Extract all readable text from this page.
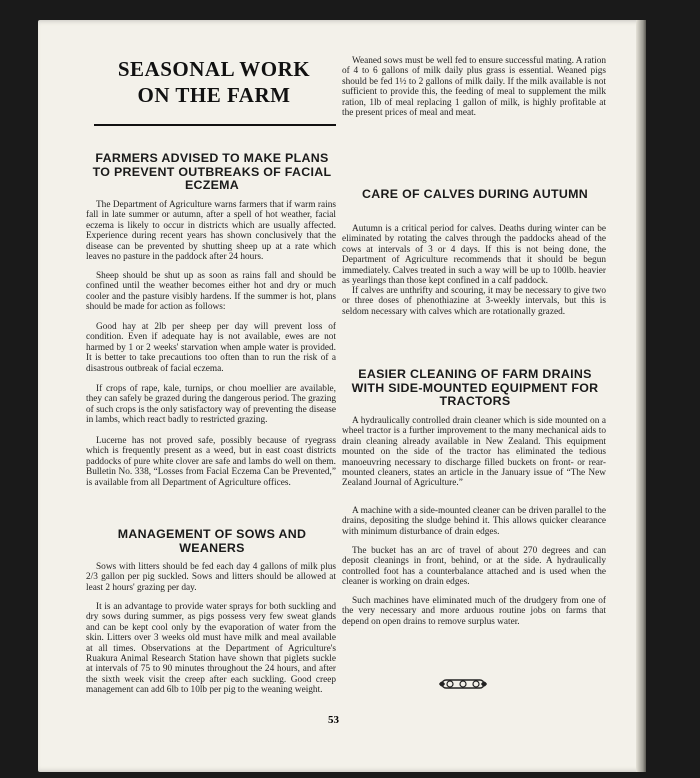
SEASONAL WORK
ON THE FARM
FARMERS ADVISED TO MAKE PLANS TO PREVENT OUTBREAKS OF FACIAL ECZEMA

The Department of Agriculture warns farmers that if warm rains fall in late summer or autumn, after a spell of hot weather, facial eczema is likely to occur in districts which are usually affected. Experience during recent years has shown conclusively that the disease can be prevented by shutting sheep up at a rate which leaves no pasture in the paddock after 24 hours.

Sheep should be shut up as soon as rains fall and should be confined until the weather becomes either hot and dry or much cooler and the pasture visibly hardens. If the summer is hot, plans should be made for action as follows:

Good hay at 2lb per sheep per day will prevent loss of condition. Even if adequate hay is not available, ewes are not harmed by 1 or 2 weeks' starvation when ample water is provided. It is better to take precautions too often than to run the risk of a disastrous outbreak of facial eczema.

If crops of rape, kale, turnips, or chou moellier are available, they can safely be grazed during the dangerous period. The grazing of such crops is the only satisfactory way of preventing the disease in lambs, which react badly to restricted grazing.

Lucerne has not proved safe, possibly because of ryegrass which is frequently present as a weed, but in east coast districts paddocks of pure white clover are safe and lambs do well on them. Bulletin No. 338, “Losses from Facial Eczema Can be Prevented,” is available from all Department of Agriculture offices.

MANAGEMENT OF SOWS AND WEANERS

Sows with litters should be fed each day 4 gallons of milk plus 2/3 gallon per pig suckled. Sows and litters should be allowed at least 2 hours' grazing per day.

It is an advantage to provide water sprays for both suckling and dry sows during summer, as pigs possess very few sweat glands and can be kept cool only by the evaporation of water from the skin. Litters over 3 weeks old must have milk and meal available at all times. Observations at the Department of Agriculture's Ruakura Animal Research Station have shown that piglets suckle at intervals of 75 to 90 minutes throughout the 24 hours, and after the sixth week visit the creep after each suckling. Good creep management can add 6lb to 10lb per pig to the weaning weight.

Weaned sows must be well fed to ensure successful mating. A ration of 4 to 6 gallons of milk daily plus grass is essential. Weaned pigs should be fed 1½ to 2 gallons of milk daily. If the milk available is not sufficient to provide this, the feeding of meal to supplement the milk ration, 1lb of meal replacing 1 gallon of milk, is highly profitable at the present prices of meal and meat.

CARE OF CALVES DURING AUTUMN

Autumn is a critical period for calves. Deaths during winter can be eliminated by rotating the calves through the paddocks ahead of the cows at intervals of 3 or 4 days. If this is not being done, the Department of Agriculture recommends that it should be begun immediately. Calves treated in such a way will be up to 100lb. heavier as yearlings than those kept confined in a calf paddock.

If calves are unthrifty and scouring, it may be necessary to give two or three doses of phenothiazine at 3-weekly intervals, but this is seldom necessary with calves which are rotationally grazed.

EASIER CLEANING OF FARM DRAINS WITH SIDE-MOUNTED EQUIPMENT FOR TRACTORS

A hydraulically controlled drain cleaner which is side mounted on a wheel tractor is a further improvement to the many mechanical aids to drain cleaning already available in New Zealand. This equipment mounted on the side of the tractor has eliminated the tedious manoeuvring necessary to discharge filled buckets on front- or rear-mounted cleaners, states an article in the January issue of “The New Zealand Journal of Agriculture.”

A machine with a side-mounted cleaner can be driven parallel to the drains, depositing the sludge behind it. This allows quicker clearance with minimum disturbance of drain edges.

The bucket has an arc of travel of about 270 degrees and can deposit cleanings in front, behind, or at the side. A hydraulically controlled foot has a counterbalance attached and is used when the cleaner is working on drain edges.

Such machines have eliminated much of the drudgery from one of the very necessary and more arduous routine jobs on farms that depend on open drains to remove surplus water.

53
